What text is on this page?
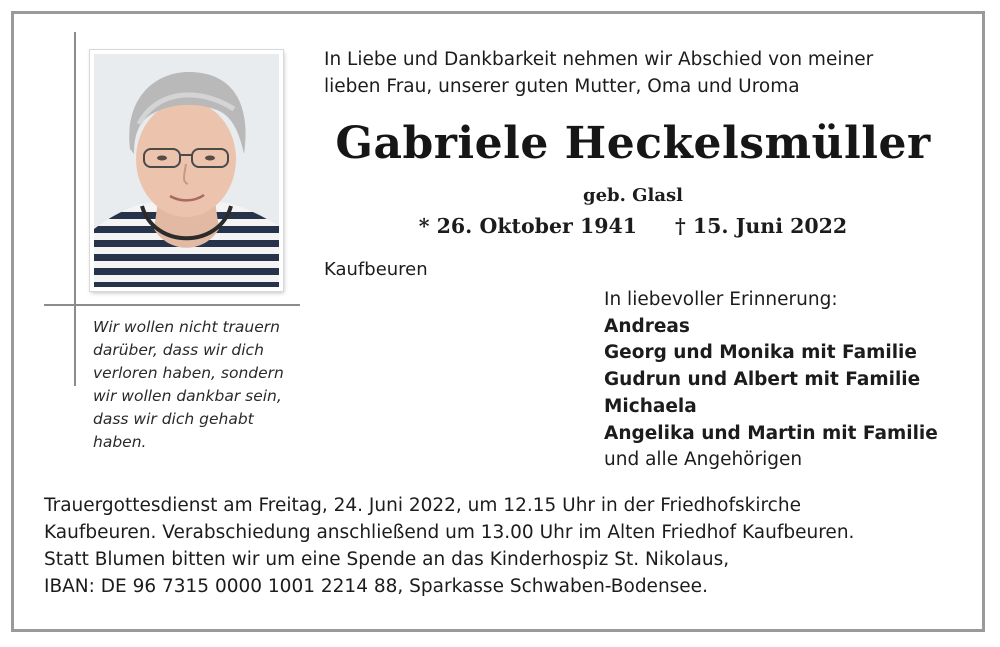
Wir wollen nicht trauern
darüber, dass wir dich
verloren haben, sondern
wir wollen dankbar sein,
dass wir dich gehabt
haben.
In Liebe und Dankbarkeit nehmen wir Abschied von meiner
lieben Frau, unserer guten Mutter, Oma und Uroma
Gabriele Heckelsmüller
geb. Glasl
* 26. Oktober 1941 † 15. Juni 2022
Kaufbeuren
In liebevoller Erinnerung:
Andreas
Georg und Monika mit Familie
Gudrun und Albert mit Familie
Michaela
Angelika und Martin mit Familie
und alle Angehörigen
Trauergottesdienst am Freitag, 24. Juni 2022, um 12.15 Uhr in der Friedhofskirche
Kaufbeuren. Verabschiedung anschließend um 13.00 Uhr im Alten Friedhof Kaufbeuren.
Statt Blumen bitten wir um eine Spende an das Kinderhospiz St. Nikolaus,
IBAN: DE 96 7315 0000 1001 2214 88, Sparkasse Schwaben-Bodensee.
